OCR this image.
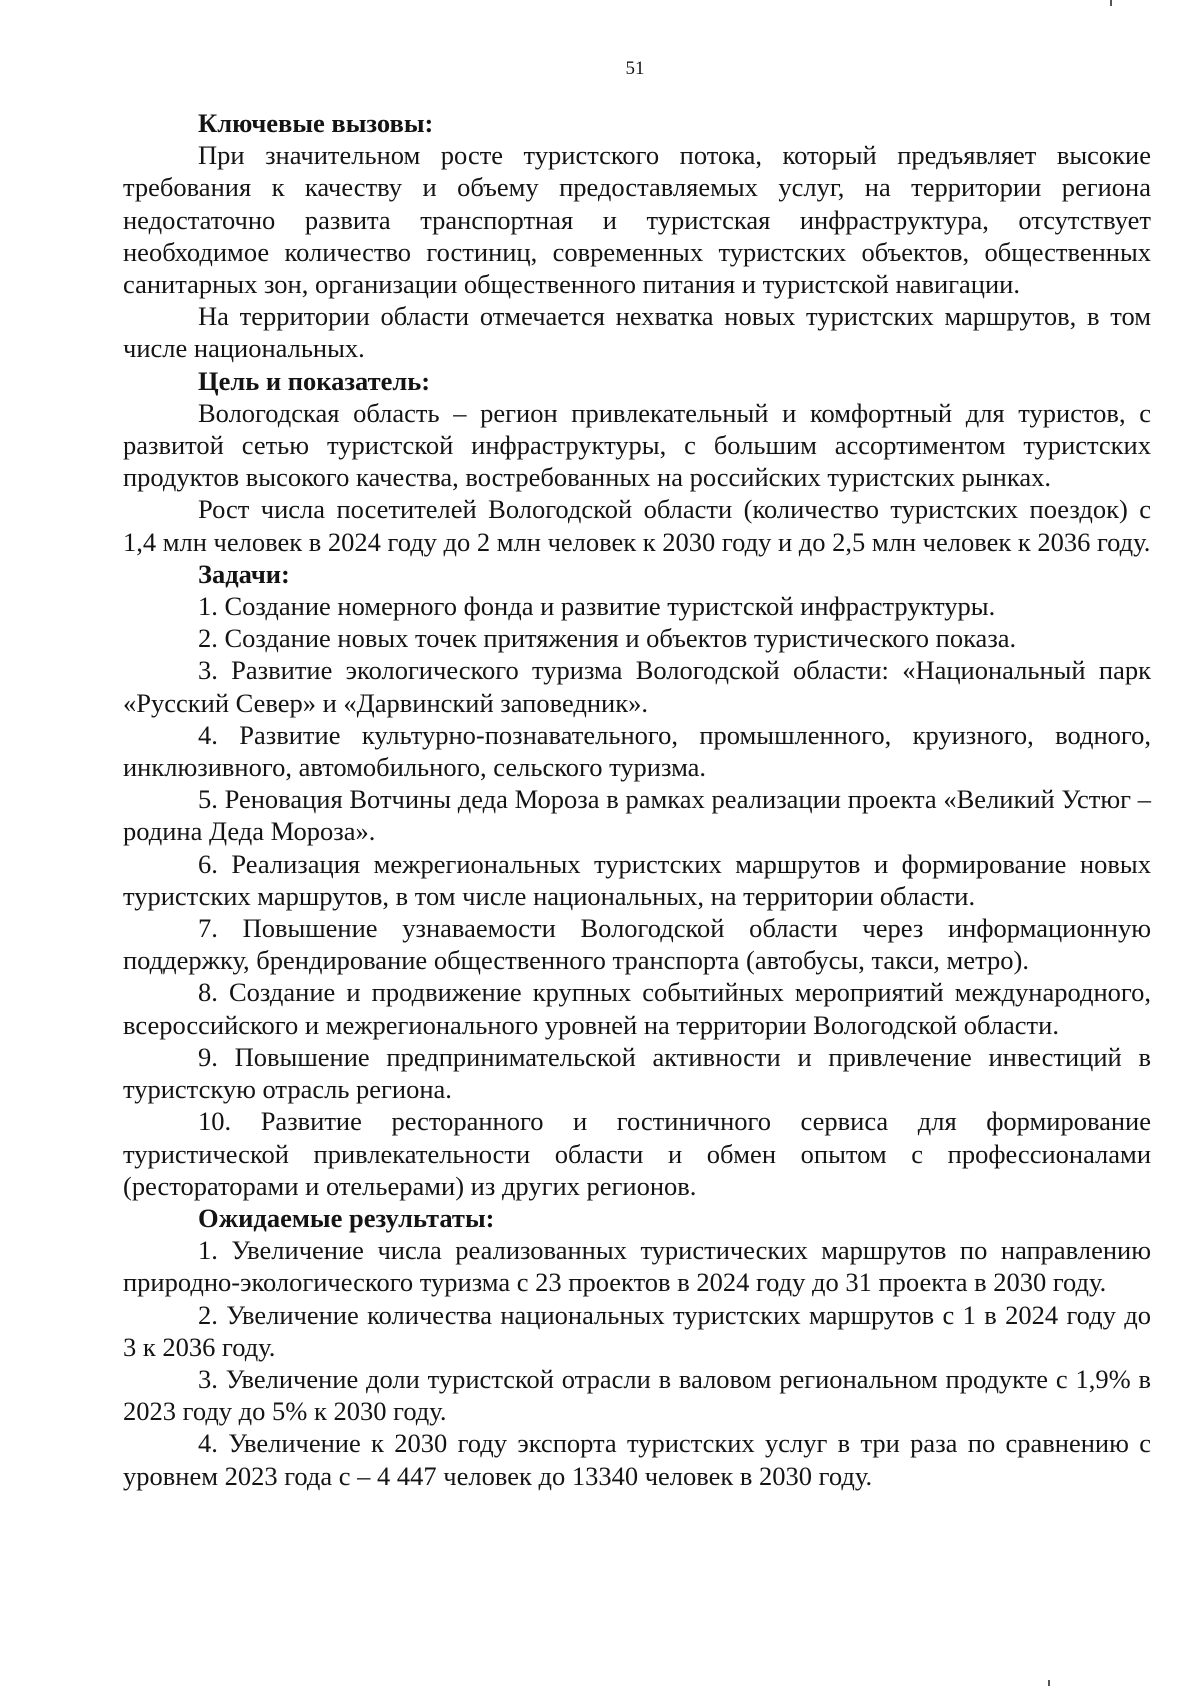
51
Ключевые вызовы:

При значительном росте туристского потока, который предъявляет высокие требования к качеству и объему предоставляемых услуг, на территории региона недостаточно развита транспортная и туристская инфраструктура, отсутствует необходимое количество гостиниц, современных туристских объектов, общественных санитарных зон, организации общественного питания и туристской навигации.

На территории области отмечается нехватка новых туристских маршрутов, в том числе национальных.

Цель и показатель:

Вологодская область – регион привлекательный и комфортный для туристов, с развитой сетью туристской инфраструктуры, с большим ассортиментом туристских продуктов высокого качества, востребованных на российских туристских рынках.

Рост числа посетителей Вологодской области (количество туристских поездок) с 1,4 млн человек в 2024 году до 2 млн человек к 2030 году и до 2,5 млн человек к 2036 году.

Задачи:

1. Создание номерного фонда и развитие туристской инфраструктуры.

2. Создание новых точек притяжения и объектов туристического показа.

3. Развитие экологического туризма Вологодской области: «Национальный парк «Русский Север» и «Дарвинский заповедник».

4. Развитие культурно-познавательного, промышленного, круизного, водного, инклюзивного, автомобильного, сельского туризма.

5. Реновация Вотчины деда Мороза в рамках реализации проекта «Великий Устюг – родина Деда Мороза».

6. Реализация межрегиональных туристских маршрутов и формирование новых туристских маршрутов, в том числе национальных, на территории области.

7. Повышение узнаваемости Вологодской области через информационную поддержку, брендирование общественного транспорта (автобусы, такси, метро).

8. Создание и продвижение крупных событийных мероприятий международного, всероссийского и межрегионального уровней на территории Вологодской области.

9. Повышение предпринимательской активности и привлечение инвестиций в туристскую отрасль региона.

10. Развитие ресторанного и гостиничного сервиса для формирование туристической привлекательности области и обмен опытом с профессионалами (рестораторами и отельерами) из других регионов.

Ожидаемые результаты:

1. Увеличение числа реализованных туристических маршрутов по направлению природно-экологического туризма с 23 проектов в 2024 году до 31 проекта в 2030 году.

2. Увеличение количества национальных туристских маршрутов с 1 в 2024 году до 3 к 2036 году.

3. Увеличение доли туристской отрасли в валовом региональном продукте с 1,9% в 2023 году до 5% к 2030 году.

4. Увеличение к 2030 году экспорта туристских услуг в три раза по сравнению с уровнем 2023 года с – 4 447 человек до 13340 человек в 2030 году.
